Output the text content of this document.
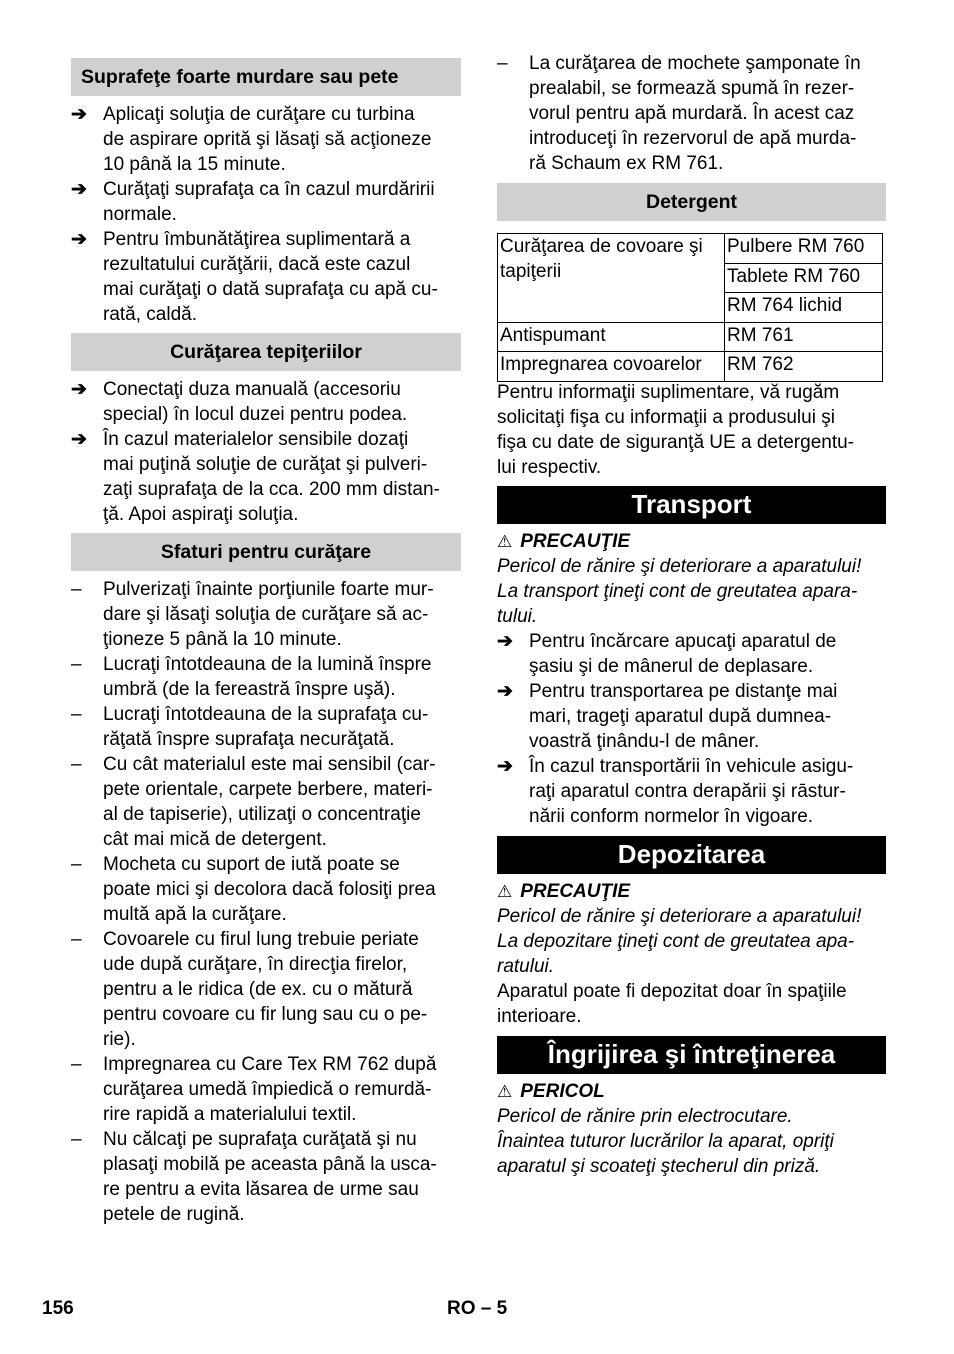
Suprafeţe foarte murdare sau pete
➔ Aplicaţi soluţia de curăţare cu turbina
de aspirare oprită şi lăsaţi să acţioneze
10 până la 15 minute.
➔ Curăţaţi suprafaţa ca în cazul murdăririi
normale.
➔ Pentru îmbunătăţirea suplimentară a
rezultatului curăţării, dacă este cazul
mai curăţaţi o dată suprafaţa cu apă cu-
rată, caldă.
Curăţarea tepiţeriilor
➔ Conectaţi duza manuală (accesoriu
special) în locul duzei pentru podea.
➔ În cazul materialelor sensibile dozaţi
mai puţină soluţie de curăţat şi pulveri-
zaţi suprafaţa de la cca. 200 mm distan-
ţă. Apoi aspiraţi soluţia.
Sfaturi pentru curăţare
–	Pulverizaţi înainte porţiunile foarte mur-
dare şi lăsaţi soluţia de curăţare să ac-
ţioneze 5 până la 10 minute.
–	Lucraţi întotdeauna de la lumină înspre
umbră (de la fereastră înspre uşă).
–	Lucraţi întotdeauna de la suprafaţa cu-
răţată înspre suprafaţa necurăţată.
–	Cu cât materialul este mai sensibil (car-
pete orientale, carpete berbere, materi-
al de tapiserie), utilizaţi o concentraţie
cât mai mică de detergent.
–	Mocheta cu suport de iută poate se
poate mici şi decolora dacă folosiţi prea
multă apă la curăţare.
–	Covoarele cu firul lung trebuie periate
ude după curăţare, în direcţia firelor,
pentru a le ridica (de ex. cu o mătură
pentru covoare cu fir lung sau cu o pe-
rie).
–	Impregnarea cu Care Tex RM 762 după
curăţarea umedă împiedică o remurdă-
rire rapidă a materialului textil.
–	Nu călcaţi pe suprafaţa curăţată şi nu
plasaţi mobilă pe aceasta până la usca-
re pentru a evita lăsarea de urme sau
petele de rugină.
–	La curăţarea de mochete şamponate în
prealabil, se formează spumă în rezer-
vorul pentru apă murdară. În acest caz
introduceţi în rezervorul de apă murda-
ră Schaum ex RM 761.
Detergent
Curăţarea de covoare şi tapiţerii	Pulbere RM 760
	Tablete RM 760
	RM 764 lichid
Antispumant	RM 761
Impregnarea covoarelor	RM 762
Pentru informaţii suplimentare, vă rugăm
solicitaţi fişa cu informaţii a produsului şi
fişa cu date de siguranţă UE a detergentu-
lui respectiv.
Transport
⚠ PRECAUŢIE
Pericol de rănire şi deteriorare a aparatului!
La transport ţineţi cont de greutatea apara-
tului.
➔ Pentru încărcare apucaţi aparatul de
şasiu şi de mânerul de deplasare.
➔ Pentru transportarea pe distanţe mai
mari, trageţi aparatul după dumnea-
voastră ţinându-l de mâner.
➔ În cazul transportării în vehicule asigu-
raţi aparatul contra derapării şi rāstur-
nării conform normelor în vigoare.
Depozitarea
⚠ PRECAUŢIE
Pericol de rănire şi deteriorare a aparatului!
La depozitare ţineţi cont de greutatea apa-
ratului.
Aparatul poate fi depozitat doar în spaţiile
interioare.
Îngrijirea şi întreţinerea
⚠ PERICOL
Pericol de rănire prin electrocutare.
Înaintea tuturor lucrărilor la aparat, opriţi
aparatul şi scoateţi ştecherul din priză.
156	RO – 5
